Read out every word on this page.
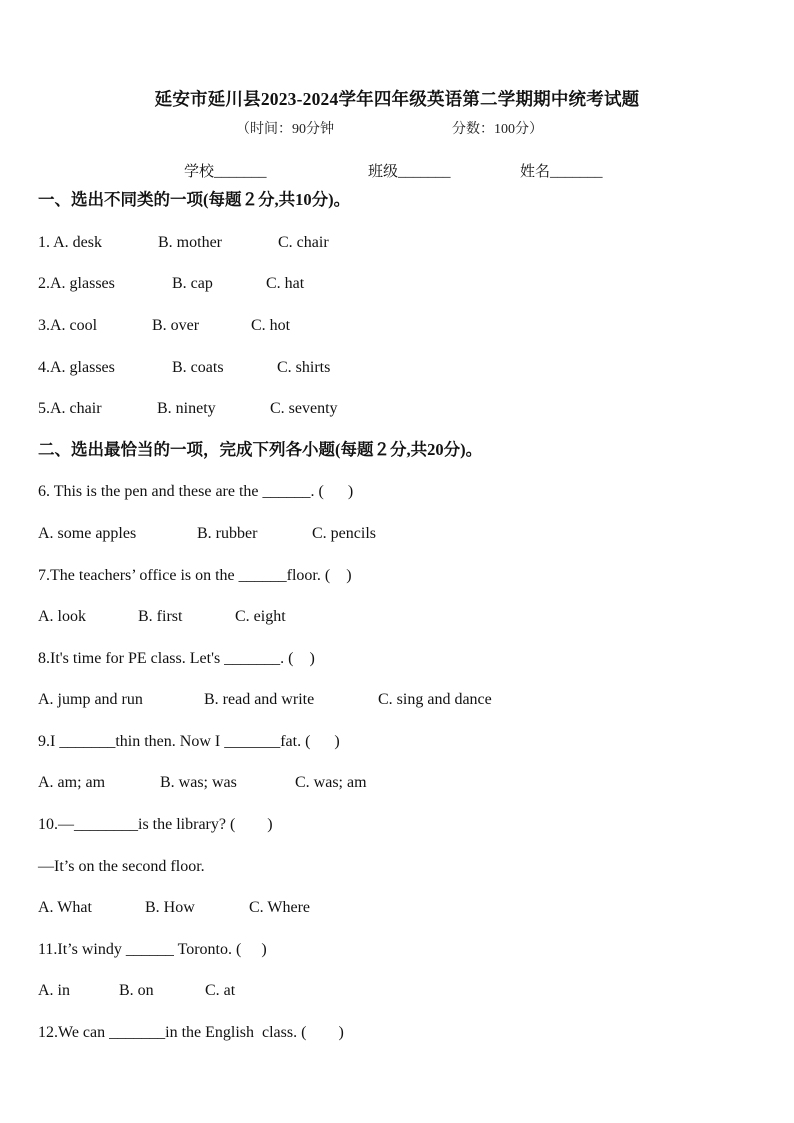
延安市延川县2023-2024学年四年级英语第二学期期中统考试题
（时间：90分钟	分数：100分）
学校_______	班级_______	姓名_______
一、选出不同类的一项(每题２分,共10分)。

1. A. desk

	B. mother

	C. chair

2.A. glasses

	B. cap

	C. hat

3.A. cool

	B. over

	C. hot

4.A. glasses

	B. coats

	C. shirts

5.A. chair

	B. ninety

	C. seventy

二、选出最恰当的一项，完成下列各小题(每题２分,共20分)。
6. This is the pen and these are the ______. (      )

A. some apples

	B. rubber

	C. pencils

7.The teachers’ office is on the ______floor. (    )

A. look

	B. first

	C. eight

8.It's time for PE class. Let's _______. (    )

A. jump and run

	B. read and write

	C. sing and dance

9.I _______thin then. Now I _______fat. (      )

A. am; am

	B. was; was

	C. was; am

10.—________is the library? (        )
—It’s on the second floor.

A. What

	B. How

	C. Where

11.It’s windy ______ Toronto. (     )

A. in

	B. on

	C. at

12.We can _______in the English  class. (        )
